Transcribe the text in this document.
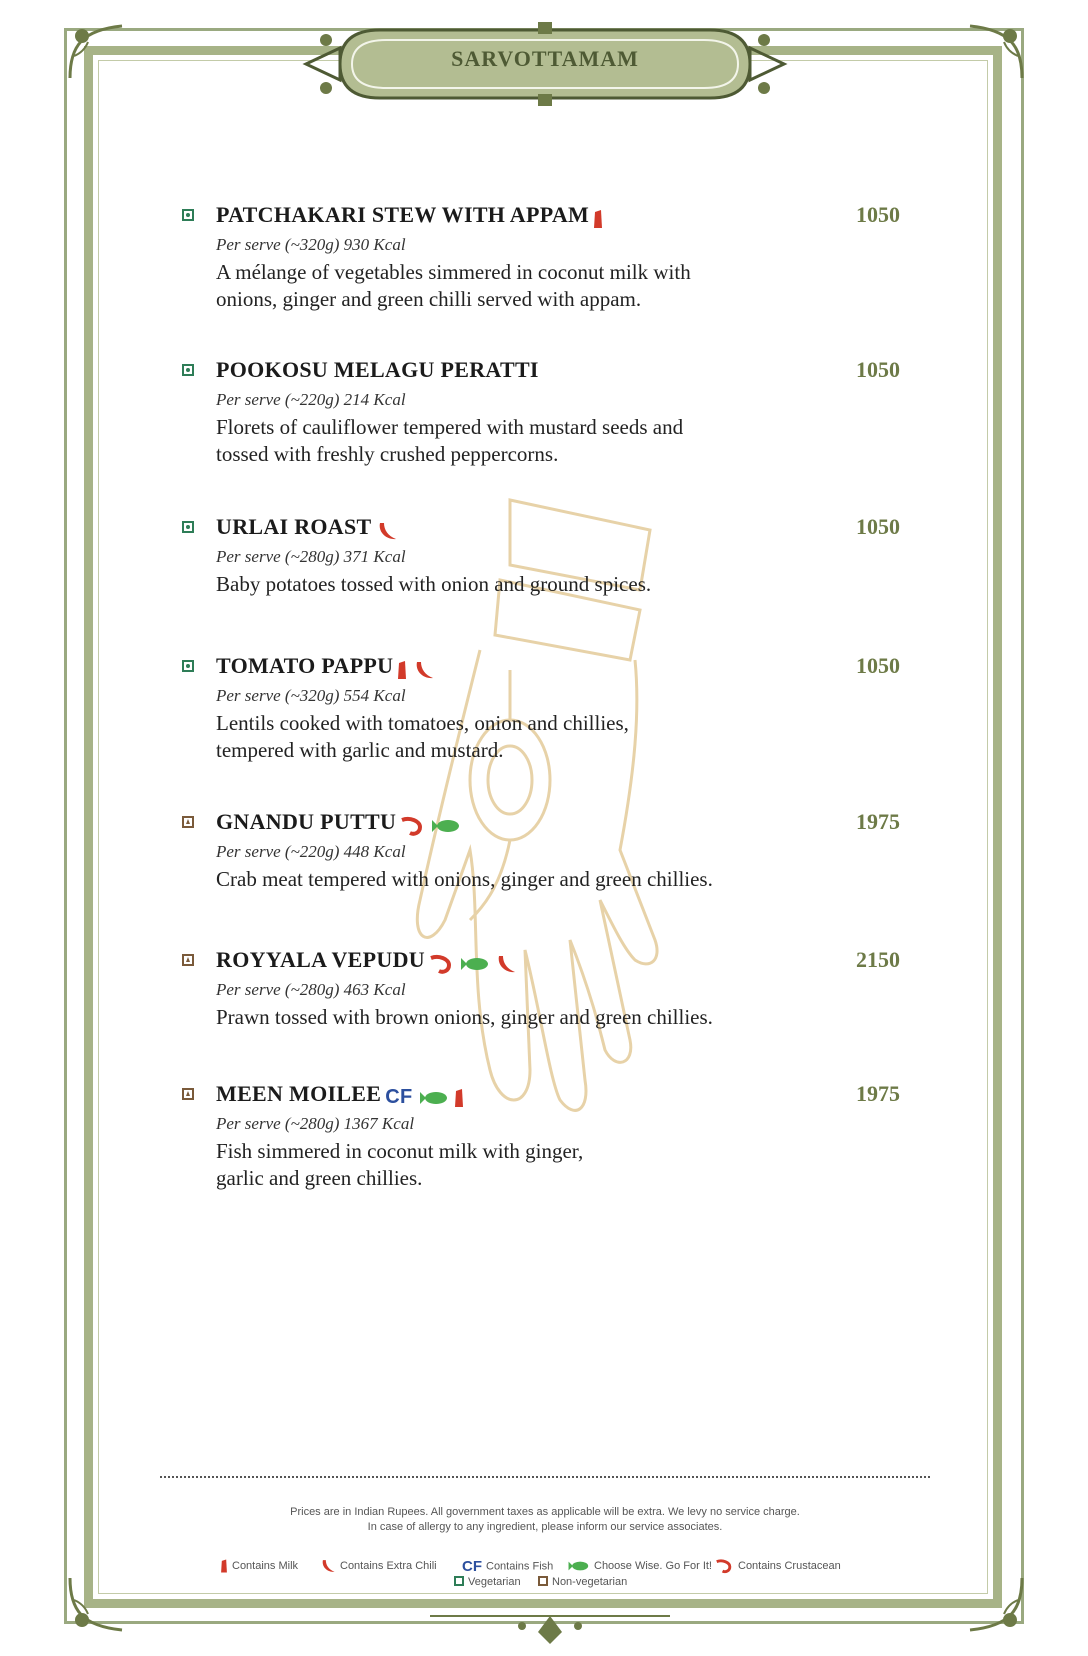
SARVOTTAMAM
PATCHAKARI STEW WITH APPAM	1050
Per serve (~320g) 930 Kcal
A mélange of vegetables simmered in coconut milk with
onions, ginger and green chilli served with appam.
POOKOSU MELAGU PERATTI	1050
Per serve (~220g) 214 Kcal
Florets of cauliflower tempered with mustard seeds and
tossed with freshly crushed peppercorns.
URLAI ROAST	1050
Per serve (~280g) 371 Kcal
Baby potatoes tossed with onion and ground spices.
TOMATO PAPPU	1050
Per serve (~320g) 554 Kcal
Lentils cooked with tomatoes, onion and chillies,
tempered with garlic and mustard.
GNANDU PUTTU	1975
Per serve (~220g) 448 Kcal
Crab meat tempered with onions, ginger and green chillies.
ROYYALA VEPUDU	2150
Per serve (~280g) 463 Kcal
Prawn tossed with brown onions, ginger and green chillies.
MEEN MOILEE CF	1975
Per serve (~280g) 1367 Kcal
Fish simmered in coconut milk with ginger,
garlic and green chillies.
Prices are in Indian Rupees. All government taxes as applicable will be extra. We levy no service charge.
In case of allergy to any ingredient, please inform our service associates.
Contains Milk	Contains Extra Chili CF Contains Fish	Choose Wise. Go For It!	Contains Crustacean
Vegetarian	Non-vegetarian
